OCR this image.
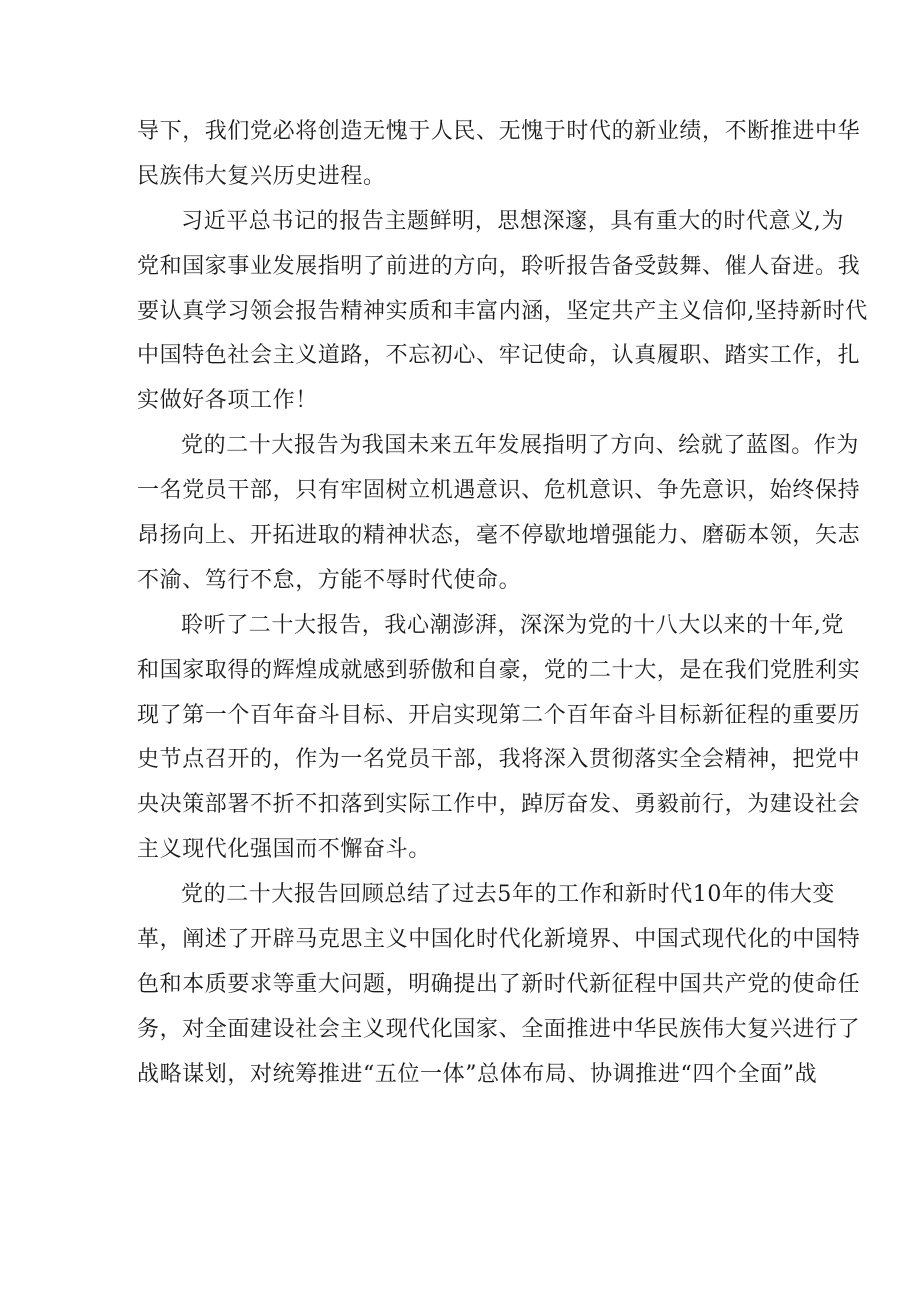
导下，我们党必将创造无愧于人民、无愧于时代的新业绩，不断推进中华
民族伟大复兴历史进程。
习近平总书记的报告主题鲜明，思想深邃，具有重大的时代意义,为
党和国家事业发展指明了前进的方向，聆听报告备受鼓舞、催人奋进。我
要认真学习领会报告精神实质和丰富内涵，坚定共产主义信仰,坚持新时代
中国特色社会主义道路，不忘初心、牢记使命，认真履职、踏实工作，扎
实做好各项工作！
党的二十大报告为我国未来五年发展指明了方向、绘就了蓝图。作为
一名党员干部，只有牢固树立机遇意识、危机意识、争先意识，始终保持
昂扬向上、开拓进取的精神状态，毫不停歇地增强能力、磨砺本领，矢志
不渝、笃行不怠，方能不辱时代使命。
聆听了二十大报告，我心潮澎湃，深深为党的十八大以来的十年,党
和国家取得的辉煌成就感到骄傲和自豪，党的二十大，是在我们党胜利实
现了第一个百年奋斗目标、开启实现第二个百年奋斗目标新征程的重要历
史节点召开的，作为一名党员干部，我将深入贯彻落实全会精神，把党中
央决策部署不折不扣落到实际工作中，踔厉奋发、勇毅前行，为建设社会
主义现代化强国而不懈奋斗。
党的二十大报告回顾总结了过去5年的工作和新时代10年的伟大变
革，阐述了开辟马克思主义中国化时代化新境界、中国式现代化的中国特
色和本质要求等重大问题，明确提出了新时代新征程中国共产党的使命任
务，对全面建设社会主义现代化国家、全面推进中华民族伟大复兴进行了
战略谋划，对统筹推进“五位一体”总体布局、协调推进“四个全面”战
